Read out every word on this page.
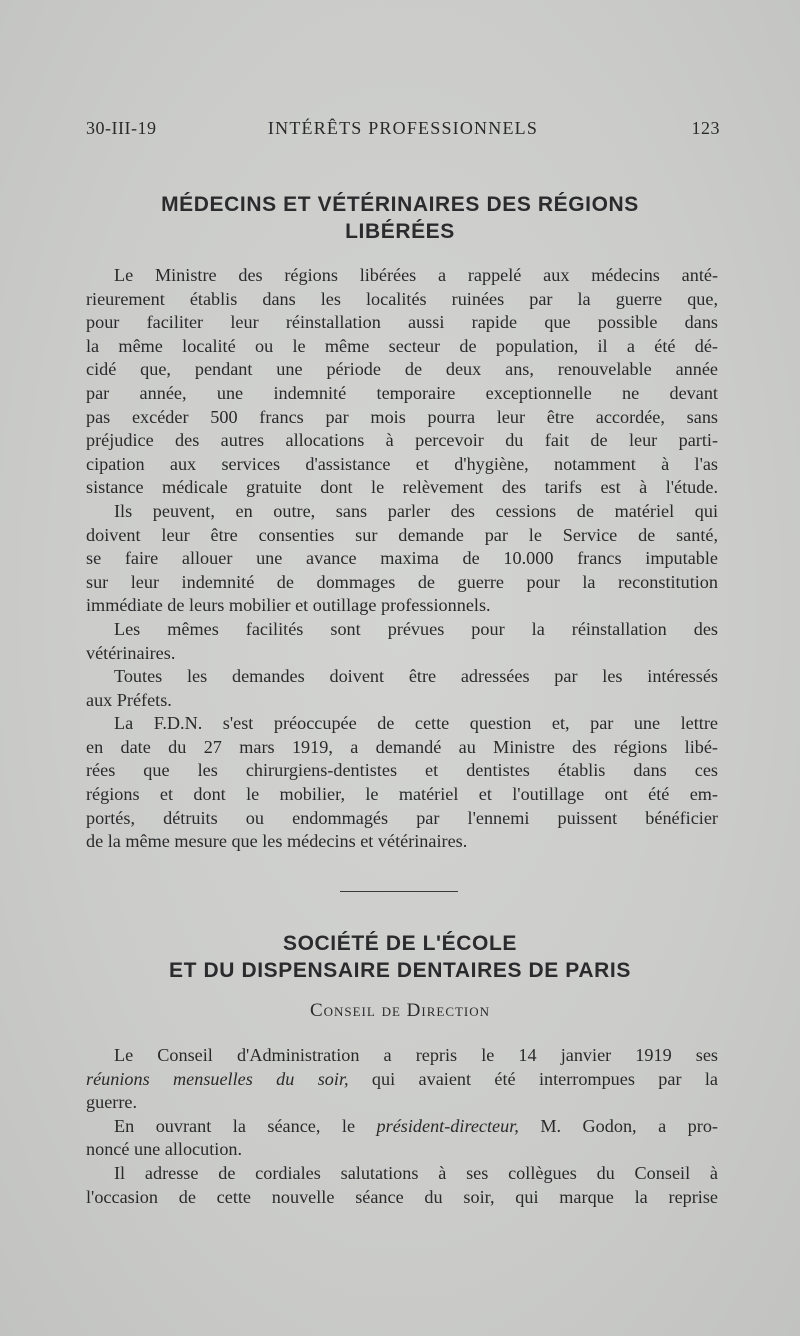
30-III-19	INTÉRÊTS PROFESSIONNELS	123
MÉDECINS ET VÉTÉRINAIRES DES RÉGIONS
LIBÉRÉES
Le Ministre des régions libérées a rappelé aux médecins anté-
rieurement établis dans les localités ruinées par la guerre que,
pour faciliter leur réinstallation aussi rapide que possible dans
la même localité ou le même secteur de population, il a été dé-
cidé que, pendant une période de deux ans, renouvelable année
par année, une indemnité temporaire exceptionnelle ne devant
pas excéder 500 francs par mois pourra leur être accordée, sans
préjudice des autres allocations à percevoir du fait de leur parti-
cipation aux services d'assistance et d'hygiène, notamment à l'as
sistance médicale gratuite dont le relèvement des tarifs est à l'étude.
Ils peuvent, en outre, sans parler des cessions de matériel qui
doivent leur être consenties sur demande par le Service de santé,
se faire allouer une avance maxima de 10.000 francs imputable
sur leur indemnité de dommages de guerre pour la reconstitution
immédiate de leurs mobilier et outillage professionnels.
Les mêmes facilités sont prévues pour la réinstallation des
vétérinaires.
Toutes les demandes doivent être adressées par les intéressés
aux Préfets.
La F.D.N. s'est préoccupée de cette question et, par une lettre
en date du 27 mars 1919, a demandé au Ministre des régions libé-
rées que les chirurgiens-dentistes et dentistes établis dans ces
régions et dont le mobilier, le matériel et l'outillage ont été em-
portés, détruits ou endommagés par l'ennemi puissent bénéficier
de la même mesure que les médecins et vétérinaires.
SOCIÉTÉ DE L'ÉCOLE
ET DU DISPENSAIRE DENTAIRES DE PARIS
Conseil de Direction
Le Conseil d'Administration a repris le 14 janvier 1919 ses
réunions mensuelles du soir, qui avaient été interrompues par la
guerre.
En ouvrant la séance, le président-directeur, M. Godon, a pro-
noncé une allocution.
Il adresse de cordiales salutations à ses collègues du Conseil à
l'occasion de cette nouvelle séance du soir, qui marque la reprise
